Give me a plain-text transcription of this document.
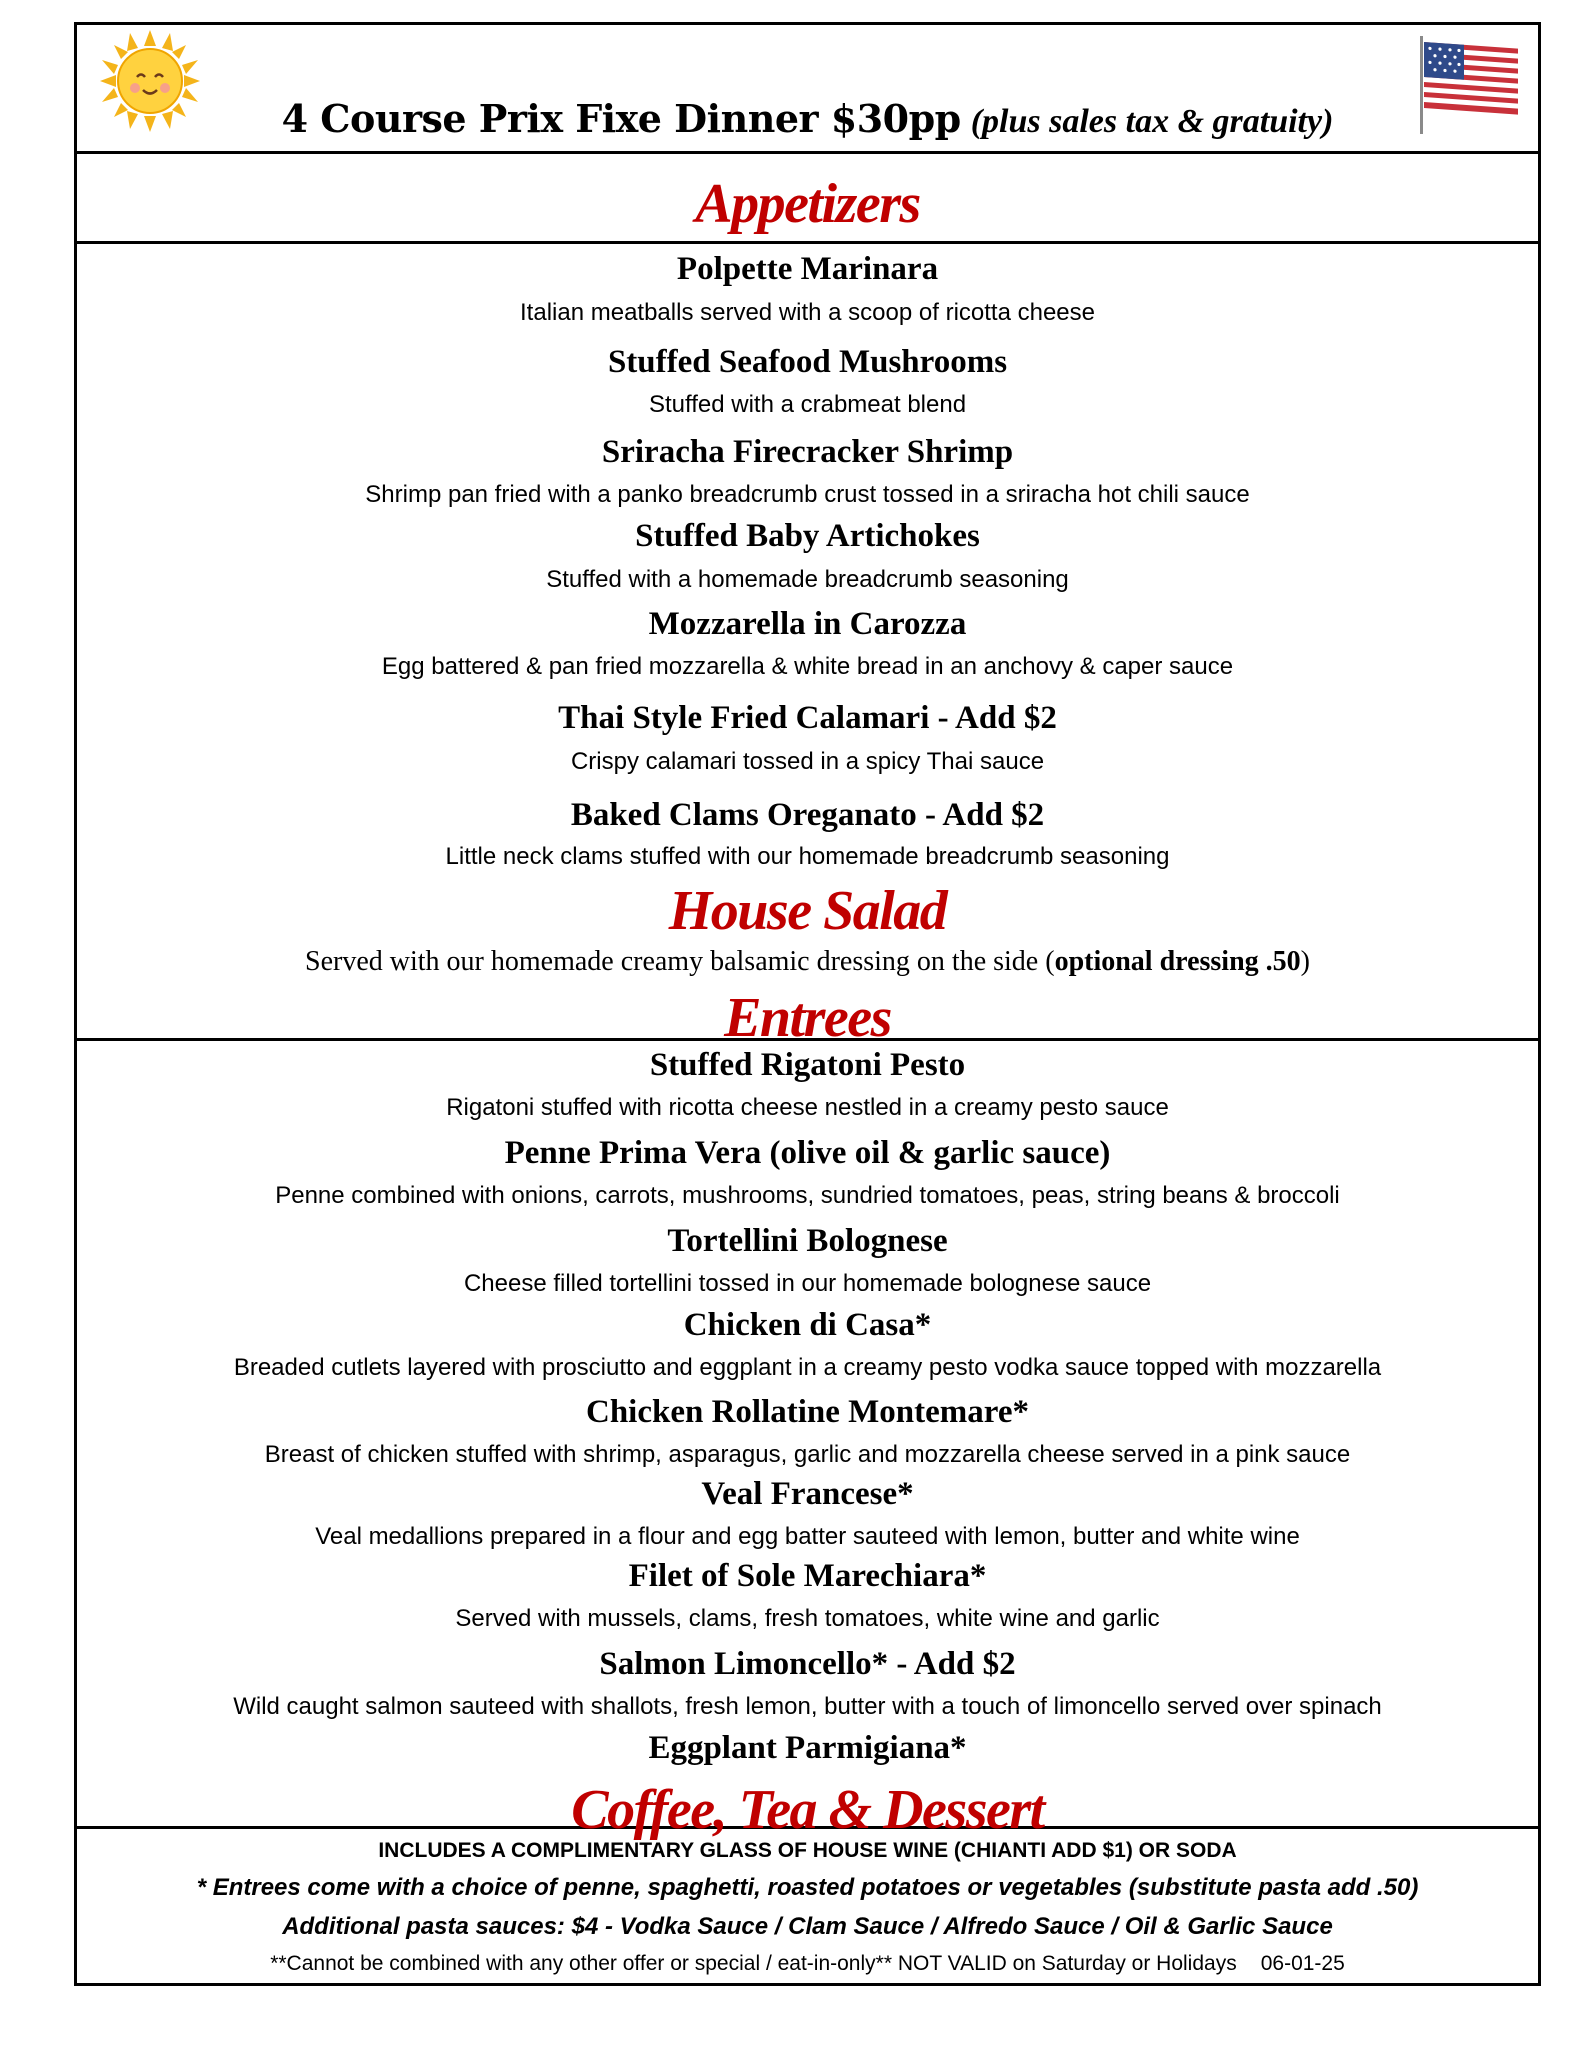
4 Course Prix Fixe Dinner $30pp (plus sales tax & gratuity)
Appetizers
House Salad
Entrees
Coffee, Tea & Dessert
Polpette Marinara
Italian meatballs served with a scoop of ricotta cheese
Stuffed Seafood Mushrooms
Stuffed with a crabmeat blend
Sriracha Firecracker Shrimp
Shrimp pan fried with a panko breadcrumb crust tossed in a sriracha hot chili sauce
Stuffed Baby Artichokes
Stuffed with a homemade breadcrumb seasoning
Mozzarella in Carozza
Egg battered & pan fried mozzarella & white bread in an anchovy & caper sauce
Thai Style Fried Calamari - Add $2
Crispy calamari tossed in a spicy Thai sauce
Baked Clams Oreganato - Add $2
Little neck clams stuffed with our homemade breadcrumb seasoning
Served with our homemade creamy balsamic dressing on the side (optional dressing .50)
Stuffed Rigatoni Pesto
Rigatoni stuffed with ricotta cheese nestled in a creamy pesto sauce
Penne Prima Vera (olive oil & garlic sauce)
Penne combined with onions, carrots, mushrooms, sundried tomatoes, peas, string beans & broccoli
Tortellini Bolognese
Cheese filled tortellini tossed in our homemade bolognese sauce
Chicken di Casa*
Breaded cutlets layered with prosciutto and eggplant in a creamy pesto vodka sauce topped with mozzarella
Chicken Rollatine Montemare*
Breast of chicken stuffed with shrimp, asparagus, garlic and mozzarella cheese served in a pink sauce
Veal Francese*
Veal medallions prepared in a flour and egg batter sauteed with lemon, butter and white wine
Filet of Sole Marechiara*
Served with mussels, clams, fresh tomatoes, white wine and garlic
Salmon Limoncello* - Add $2
Wild caught salmon sauteed with shallots, fresh lemon, butter with a touch of limoncello served over spinach
Eggplant Parmigiana*
INCLUDES A COMPLIMENTARY GLASS OF HOUSE WINE (CHIANTI ADD $1) OR SODA
* Entrees come with a choice of penne, spaghetti, roasted potatoes or vegetables (substitute pasta add .50)
Additional pasta sauces: $4 - Vodka Sauce / Clam Sauce / Alfredo Sauce / Oil & Garlic Sauce
**Cannot be combined with any other offer or special / eat-in-only** NOT VALID on Saturday or Holidays 06-01-25
